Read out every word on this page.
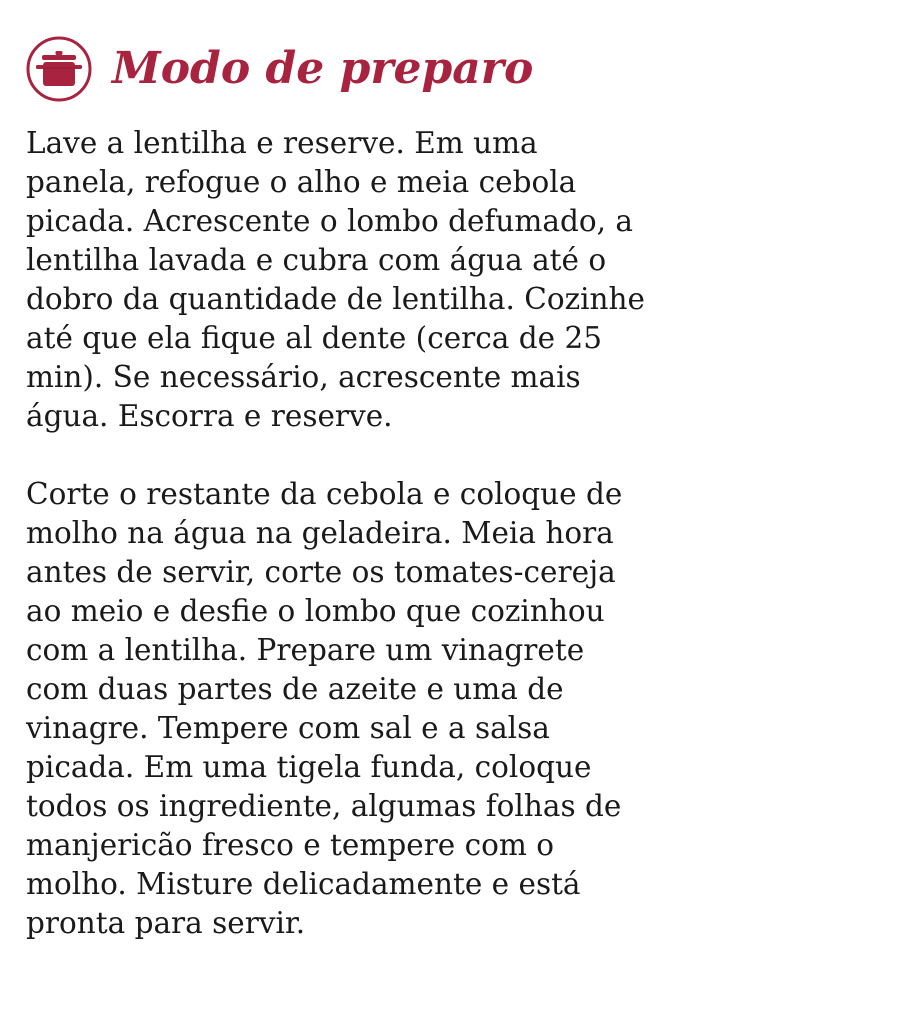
Modo de preparo

Lave a lentilha e reserve. Em uma
panela, refogue o alho e meia cebola
picada. Acrescente o lombo defumado, a
lentilha lavada e cubra com água até o
dobro da quantidade de lentilha. Cozinhe
até que ela fique al dente (cerca de 25
min). Se necessário, acrescente mais
água. Escorra e reserve.

Corte o restante da cebola e coloque de
molho na água na geladeira. Meia hora
antes de servir, corte os tomates-cereja
ao meio e desfie o lombo que cozinhou
com a lentilha. Prepare um vinagrete
com duas partes de azeite e uma de
vinagre. Tempere com sal e a salsa
picada. Em uma tigela funda, coloque
todos os ingrediente, algumas folhas de
manjericão fresco e tempere com o
molho. Misture delicadamente e está
pronta para servir.
